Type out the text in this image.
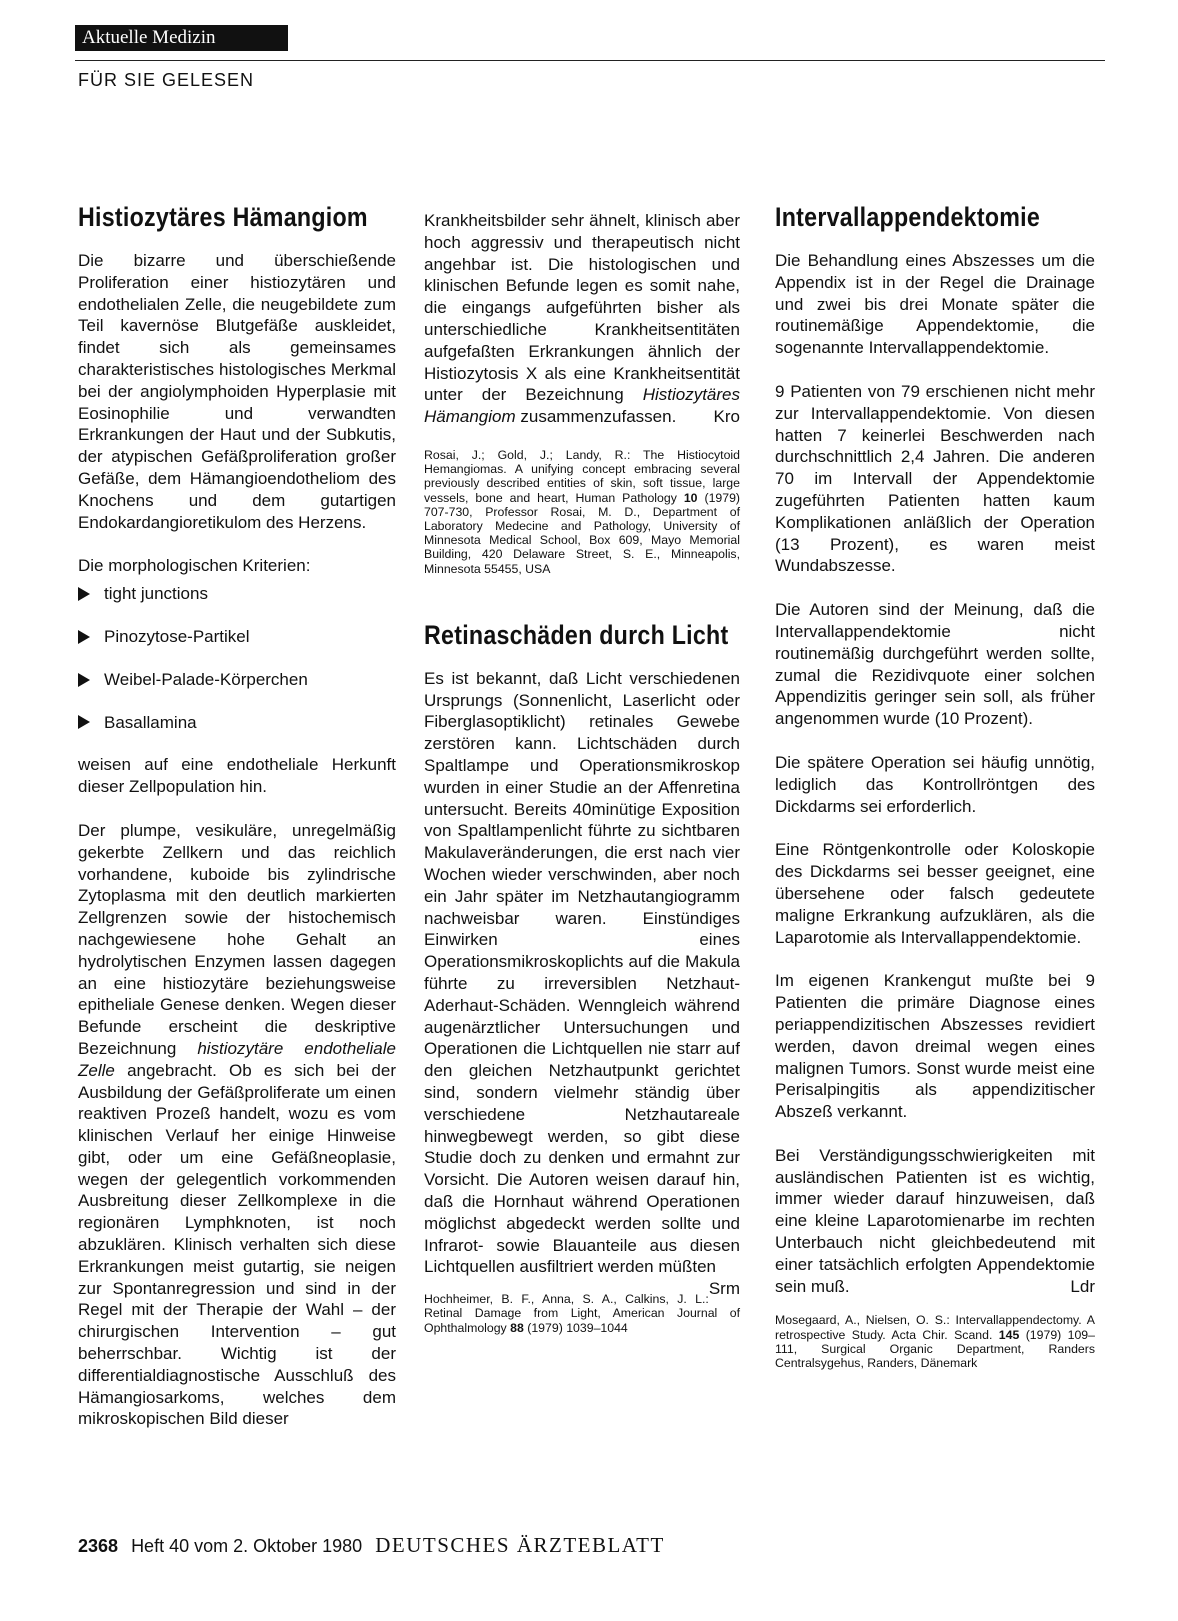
Aktuelle Medizin
FÜR SIE GELESEN
Histiozytäres Hämangiom

Die bizarre und überschießende Proliferation einer histiozytären und endothelialen Zelle, die neugebildete zum Teil kavernöse Blutgefäße auskleidet, findet sich als gemeinsames charakteristisches histologisches Merkmal bei der angiolymphoiden Hyperplasie mit Eosinophilie und verwandten Erkrankungen der Haut und der Subkutis, der atypischen Gefäßproliferation großer Gefäße, dem Hämangioendotheliom des Knochens und dem gutartigen Endokardangioretikulom des Herzens.

Die morphologischen Kriterien:

tight junctions
Pinozytose-Partikel
Weibel-Palade-Körperchen
Basallamina

weisen auf eine endotheliale Herkunft dieser Zellpopulation hin.

Der plumpe, vesikuläre, unregelmäßig gekerbte Zellkern und das reichlich vorhandene, kuboide bis zylindrische Zytoplasma mit den deutlich markierten Zellgrenzen sowie der histochemisch nachgewiesene hohe Gehalt an hydrolytischen Enzymen lassen dagegen an eine histiozytäre beziehungsweise epitheliale Genese denken. Wegen dieser Befunde erscheint die deskriptive Bezeichnung histiozytäre endotheliale Zelle angebracht. Ob es sich bei der Ausbildung der Gefäßproliferate um einen reaktiven Prozeß handelt, wozu es vom klinischen Verlauf her einige Hinweise gibt, oder um eine Gefäßneoplasie, wegen der gelegentlich vorkommenden Ausbreitung dieser Zellkomplexe in die regionären Lymphknoten, ist noch abzuklären. Klinisch verhalten sich diese Erkrankungen meist gutartig, sie neigen zur Spontanregression und sind in der Regel mit der Therapie der Wahl – der chirurgischen Intervention – gut beherrschbar. Wichtig ist der differentialdiagnostische Ausschluß des Hämangiosarkoms, welches dem mikroskopischen Bild dieser

Krankheitsbilder sehr ähnelt, klinisch aber hoch aggressiv und therapeutisch nicht angehbar ist. Die histologischen und klinischen Befunde legen es somit nahe, die eingangs aufgeführten bisher als unterschiedliche Krankheitsentitäten aufgefaßten Erkrankungen ähnlich der Histiozytosis X als eine Krankheitsentität unter der Bezeichnung Histiozytäres Hämangiom zusammenzufassen. Kro

Rosai, J.; Gold, J.; Landy, R.: The Histiocytoid Hemangiomas. A unifying concept embracing several previously described entities of skin, soft tissue, large vessels, bone and heart, Human Pathology 10 (1979) 707-730, Professor Rosai, M. D., Department of Laboratory Medecine and Pathology, University of Minnesota Medical School, Box 609, Mayo Memorial Building, 420 Delaware Street, S. E., Minneapolis, Minnesota 55455, USA

Retinaschäden durch Licht

Es ist bekannt, daß Licht verschiedenen Ursprungs (Sonnenlicht, Laserlicht oder Fiberglasoptiklicht) retinales Gewebe zerstören kann. Lichtschäden durch Spaltlampe und Operationsmikroskop wurden in einer Studie an der Affenretina untersucht. Bereits 40minütige Exposition von Spaltlampenlicht führte zu sichtbaren Makulaveränderungen, die erst nach vier Wochen wieder verschwinden, aber noch ein Jahr später im Netzhautangiogramm nachweisbar waren. Einstündiges Einwirken eines Operationsmikroskoplichts auf die Makula führte zu irreversiblen Netzhaut-Aderhaut-Schäden. Wenngleich während augenärztlicher Untersuchungen und Operationen die Lichtquellen nie starr auf den gleichen Netzhautpunkt gerichtet sind, sondern vielmehr ständig über verschiedene Netzhautareale hinwegbewegt werden, so gibt diese Studie doch zu denken und ermahnt zur Vorsicht. Die Autoren weisen darauf hin, daß die Hornhaut während Operationen möglichst abgedeckt werden sollte und Infrarot- sowie Blauanteile aus diesen Lichtquellen ausfiltriert werden müßten
Srm

Hochheimer, B. F., Anna, S. A., Calkins, J. L.: Retinal Damage from Light, American Journal of Ophthalmology 88 (1979) 1039–1044

Intervallappendektomie

Die Behandlung eines Abszesses um die Appendix ist in der Regel die Drainage und zwei bis drei Monate später die routinemäßige Appendektomie, die sogenannte Intervallappendektomie.

9 Patienten von 79 erschienen nicht mehr zur Intervallappendektomie. Von diesen hatten 7 keinerlei Beschwerden nach durchschnittlich 2,4 Jahren. Die anderen 70 im Intervall der Appendektomie zugeführten Patienten hatten kaum Komplikationen anläßlich der Operation (13 Prozent), es waren meist Wundabszesse.

Die Autoren sind der Meinung, daß die Intervallappendektomie nicht routinemäßig durchgeführt werden sollte, zumal die Rezidivquote einer solchen Appendizitis geringer sein soll, als früher angenommen wurde (10 Prozent).

Die spätere Operation sei häufig unnötig, lediglich das Kontrollröntgen des Dickdarms sei erforderlich.

Eine Röntgenkontrolle oder Koloskopie des Dickdarms sei besser geeignet, eine übersehene oder falsch gedeutete maligne Erkrankung aufzuklären, als die Laparotomie als Intervallappendektomie.

Im eigenen Krankengut mußte bei 9 Patienten die primäre Diagnose eines periappendizitischen Abszesses revidiert werden, davon dreimal wegen eines malignen Tumors. Sonst wurde meist eine Perisalpingitis als appendizitischer Abszeß verkannt.

Bei Verständigungsschwierigkeiten mit ausländischen Patienten ist es wichtig, immer wieder darauf hinzuweisen, daß eine kleine Laparotomienarbe im rechten Unterbauch nicht gleichbedeutend mit einer tatsächlich erfolgten Appendektomie sein muß.	Ldr

Mosegaard, A., Nielsen, O. S.: Intervallappendectomy. A retrospective Study. Acta Chir. Scand. 145 (1979) 109–111, Surgical Organic Department, Randers Centralsygehus, Randers, Dänemark

2368 Heft 40 vom 2. Oktober 1980 DEUTSCHES ÄRZTEBLATT
